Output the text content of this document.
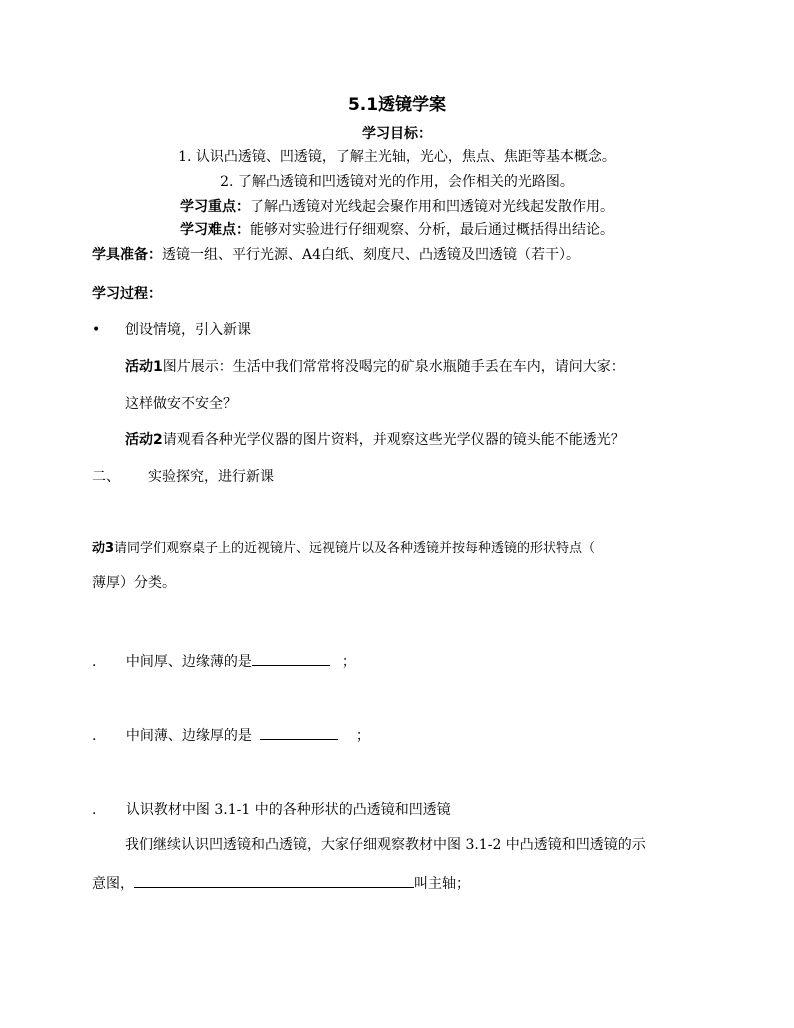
5.1透镜学案
学习目标：
1. 认识凸透镜、凹透镜，了解主光轴，光心，焦点、焦距等基本概念。
2. 了解凸透镜和凹透镜对光的作用，会作相关的光路图。
学习重点：了解凸透镜对光线起会聚作用和凹透镜对光线起发散作用。
学习难点：能够对实验进行仔细观察、分析，最后通过概括得出结论。
学具准备：透镜一组、平行光源、A4白纸、刻度尺、凸透镜及凹透镜（若干）。
学习过程：
• 创设情境，引入新课
活动1图片展示：生活中我们常常将没喝完的矿泉水瓶随手丢在车内，请问大家：
这样做安不安全？
活动2请观看各种光学仪器的图片资料，并观察这些光学仪器的镜头能不能透光？
二、 实验探究，进行新课
动3请同学们观察桌子上的近视镜片、远视镜片以及各种透镜并按每种透镜的形状特点（
薄厚）分类。
. 中间厚、边缘薄的是	；
. 中间薄、边缘厚的是	；
. 认识教材中图 3.1-1 中的各种形状的凸透镜和凹透镜
我们继续认识凹透镜和凸透镜，大家仔细观察教材中图 3.1-2 中凸透镜和凹透镜的示
意图，	叫主轴；
